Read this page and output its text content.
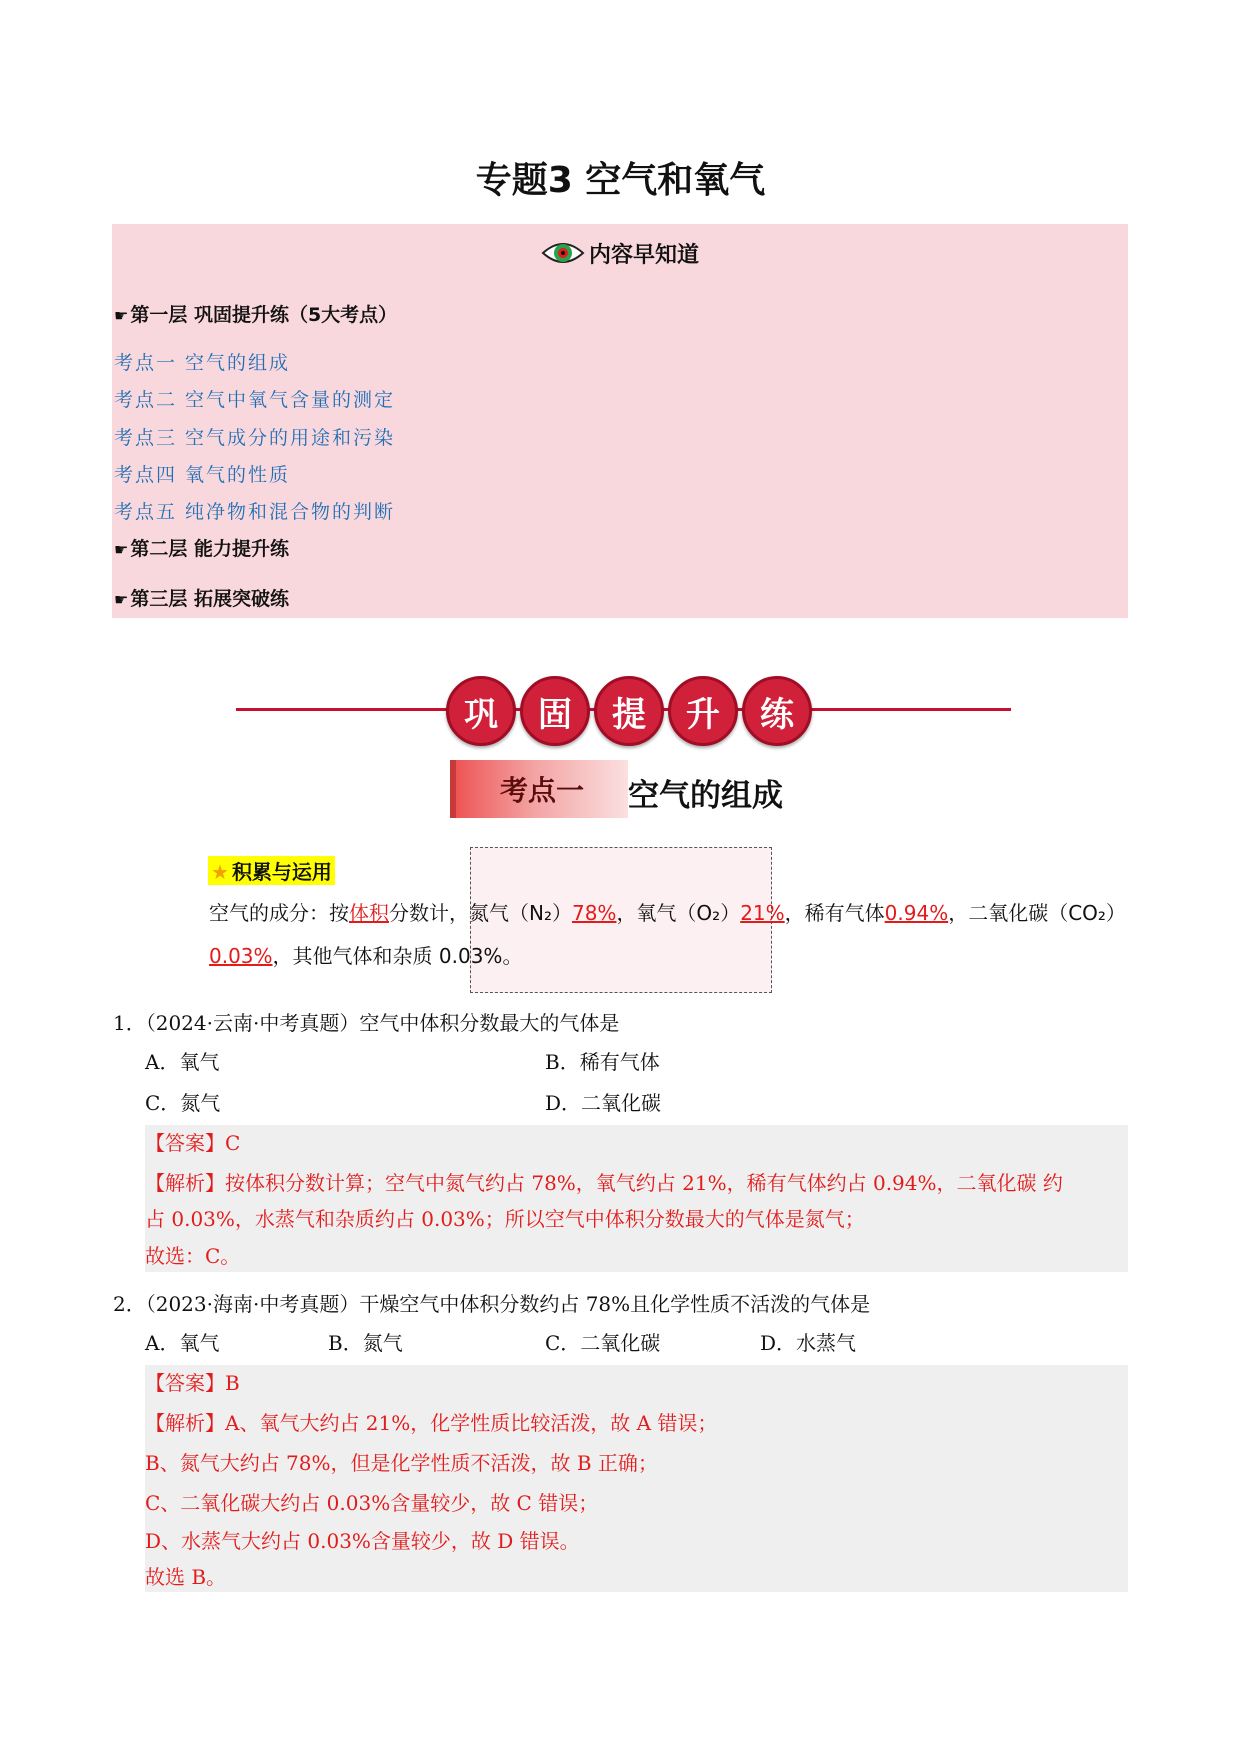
专题3 空气和氧气
内容早知道
☛ 第一层 巩固提升练（5大考点）
考点一 空气的组成
考点二 空气中氧气含量的测定
考点三 空气成分的用途和污染
考点四 氧气的性质
考点五 纯净物和混合物的判断
☛ 第二层 能力提升练
☛ 第三层 拓展突破练
巩	固	提	升	练
考点一	空气的组成
★ 积累与运用
空气的成分：按体积分数计，氮气（N₂）78%，氧气（O₂）21%，稀有气体0.94%，二氧化碳（CO₂）
0.03%，其他气体和杂质 0.03%。
1．（2024·云南·中考真题）空气中体积分数最大的气体是
A．氧气	B．稀有气体
C．氮气	D．二氧化碳
【答案】C
【解析】按体积分数计算；空气中氮气约占 78%，氧气约占 21%，稀有气体约占 0.94%，二氧化碳 约
占 0.03%，水蒸气和杂质约占 0.03%；所以空气中体积分数最大的气体是氮气；
故选：C。
2．（2023·海南·中考真题）干燥空气中体积分数约占 78%且化学性质不活泼的气体是
A．氧气	B．氮气	C．二氧化碳	D．水蒸气
【答案】B
【解析】A、氧气大约占 21%，化学性质比较活泼，故 A 错误；
B、氮气大约占 78%，但是化学性质不活泼，故 B 正确；
C、二氧化碳大约占 0.03%含量较少，故 C 错误；
D、水蒸气大约占 0.03%含量较少，故 D 错误。
故选 B。
